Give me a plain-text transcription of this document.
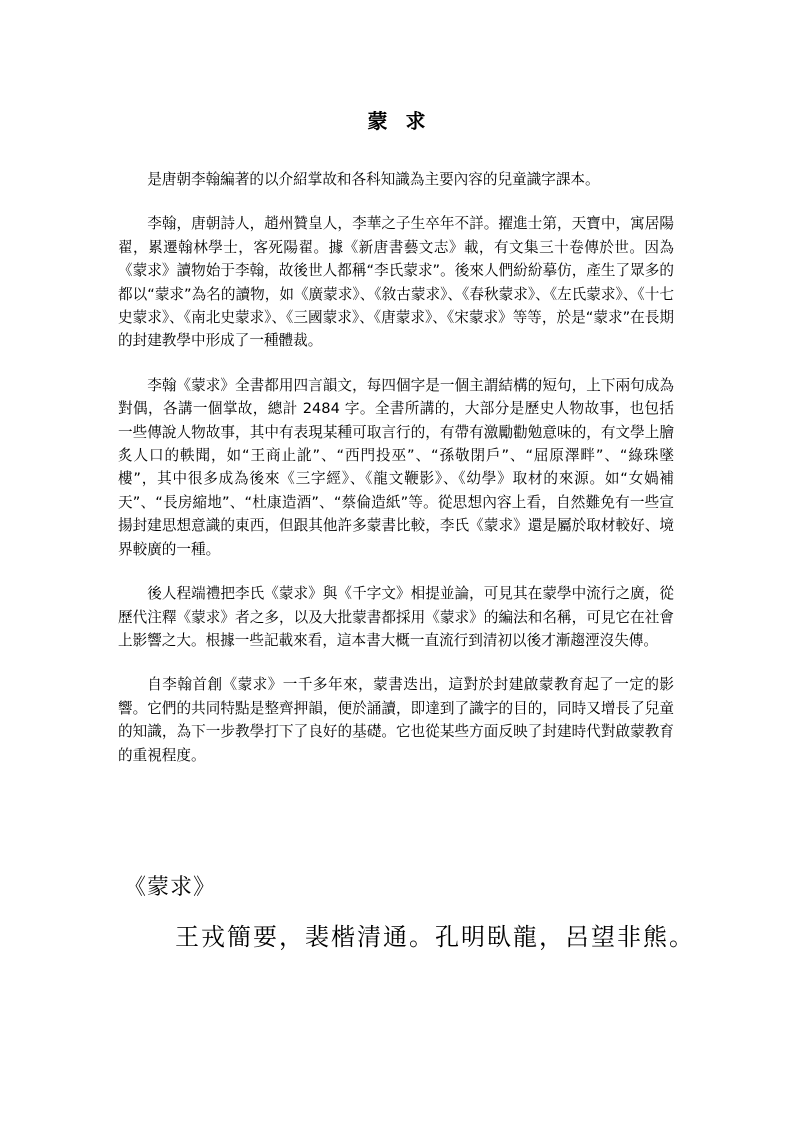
蒙求

是唐朝李翰編著的以介紹掌故和各科知識為主要內容的兒童識字課本。

李翰，唐朝詩人，趙州贊皇人，李華之子生卒年不詳。擢進士第，天寶中，寓居陽翟，累遷翰林學士，客死陽翟。據《新唐書藝文志》載，有文集三十卷傳於世。因為《蒙求》讀物始于李翰，故後世人都稱“李氏蒙求”。後來人們紛紛摹仿，產生了眾多的都以“蒙求”為名的讀物，如《廣蒙求》、《敘古蒙求》、《春秋蒙求》、《左氏蒙求》、《十七史蒙求》、《南北史蒙求》、《三國蒙求》、《唐蒙求》、《宋蒙求》等等，於是“蒙求”在長期的封建教學中形成了一種體裁。

李翰《蒙求》全書都用四言韻文，每四個字是一個主謂結構的短句，上下兩句成為對偶，各講一個掌故，總計 2484 字。全書所講的，大部分是歷史人物故事，也包括一些傳說人物故事，其中有表現某種可取言行的，有帶有激勵勸勉意味的，有文學上膾炙人口的軼聞，如“王商止訛”、“西門投巫”、“孫敬閉戶”、“屈原澤畔”、“綠珠墜樓”，其中很多成為後來《三字經》、《龍文鞭影》、《幼學》取材的來源。如“女媧補天”、“長房縮地”、“杜康造酒”、“蔡倫造紙”等。從思想內容上看，自然難免有一些宣揚封建思想意識的東西，但跟其他許多蒙書比較，李氏《蒙求》還是屬於取材較好、境界較廣的一種。

後人程端禮把李氏《蒙求》與《千字文》相提並論，可見其在蒙學中流行之廣，從歷代注釋《蒙求》者之多，以及大批蒙書都採用《蒙求》的編法和名稱，可見它在社會上影響之大。根據一些記載來看，這本書大概一直流行到清初以後才漸趨湮沒失傳。

自李翰首創《蒙求》一千多年來，蒙書迭出，這對於封建啟蒙教育起了一定的影響。它們的共同特點是整齊押韻，便於誦讀，即達到了識字的目的，同時又增長了兒童的知識，為下一步教學打下了良好的基礎。它也從某些方面反映了封建時代對啟蒙教育的重視程度。

《蒙求》
王戎簡要，裴楷清通。孔明臥龍，呂望非熊。
